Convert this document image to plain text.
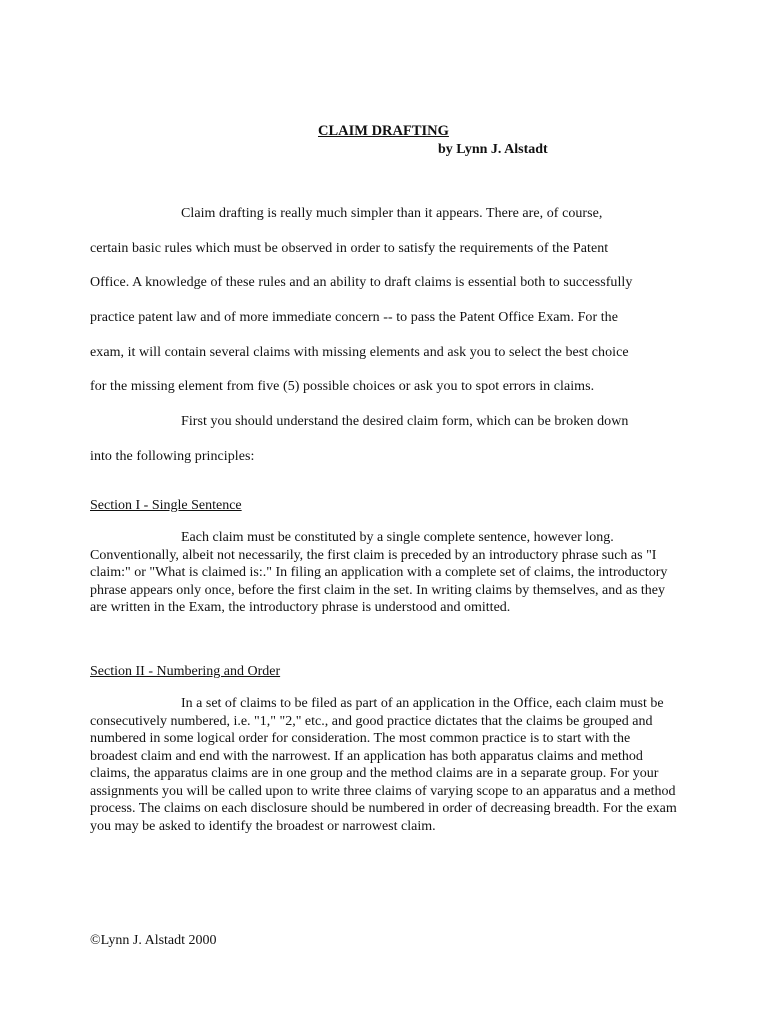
CLAIM DRAFTING
by Lynn J. Alstadt
Claim drafting is really much simpler than it appears. There are, of course,
certain basic rules which must be observed in order to satisfy the requirements of the Patent
Office. A knowledge of these rules and an ability to draft claims is essential both to successfully
practice patent law and of more immediate concern -- to pass the Patent Office Exam. For the
exam, it will contain several claims with missing elements and ask you to select the best choice
for the missing element from five (5) possible choices or ask you to spot errors in claims.
First you should understand the desired claim form, which can be broken down
into the following principles:
Section I - Single Sentence

Each claim must be constituted by a single complete sentence, however long. Conventionally, albeit not necessarily, the first claim is preceded by an introductory phrase such as "I claim:" or "What is claimed is:." In filing an application with a complete set of claims, the introductory phrase appears only once, before the first claim in the set. In writing claims by themselves, and as they are written in the Exam, the introductory phrase is understood and omitted.

Section II - Numbering and Order

In a set of claims to be filed as part of an application in the Office, each claim must be consecutively numbered, i.e. "1," "2," etc., and good practice dictates that the claims be grouped and numbered in some logical order for consideration. The most common practice is to start with the broadest claim and end with the narrowest. If an application has both apparatus claims and method claims, the apparatus claims are in one group and the method claims are in a separate group. For your assignments you will be called upon to write three claims of varying scope to an apparatus and a method process. The claims on each disclosure should be numbered in order of decreasing breadth. For the exam you may be asked to identify the broadest or narrowest claim.

©Lynn J. Alstadt 2000
